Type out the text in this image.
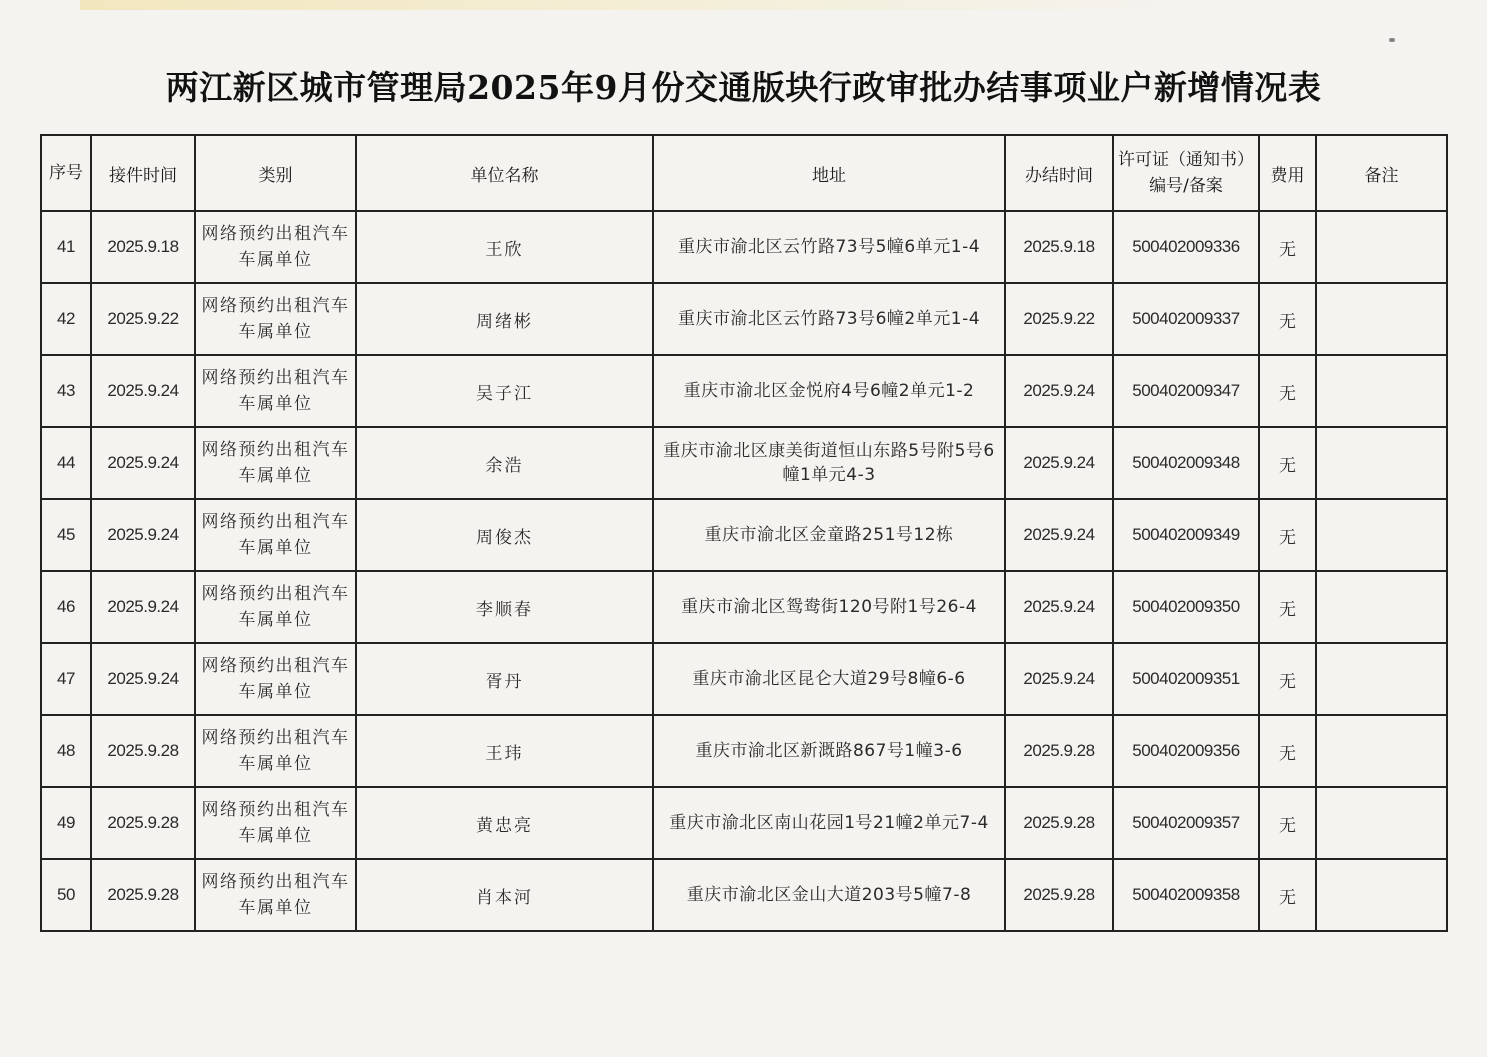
两江新区城市管理局2025年9月份交通版块行政审批办结事项业户新增情况表
序号	接件时间	类别	单位名称	地址	办结时间	许可证（通知书）编号/备案	费用	备注
41	2025.9.18	网络预约出租汽车车属单位	王欣	重庆市渝北区云竹路73号5幢6单元1-4	2025.9.18	500402009336	无	
42	2025.9.22	网络预约出租汽车车属单位	周绪彬	重庆市渝北区云竹路73号6幢2单元1-4	2025.9.22	500402009337	无	
43	2025.9.24	网络预约出租汽车车属单位	吴子江	重庆市渝北区金悦府4号6幢2单元1-2	2025.9.24	500402009347	无	
44	2025.9.24	网络预约出租汽车车属单位	余浩	重庆市渝北区康美街道恒山东路5号附5号6幢1单元4-3	2025.9.24	500402009348	无	
45	2025.9.24	网络预约出租汽车车属单位	周俊杰	重庆市渝北区金童路251号12栋	2025.9.24	500402009349	无	
46	2025.9.24	网络预约出租汽车车属单位	李顺春	重庆市渝北区鸳鸯街120号附1号26-4	2025.9.24	500402009350	无	
47	2025.9.24	网络预约出租汽车车属单位	胥丹	重庆市渝北区昆仑大道29号8幢6-6	2025.9.24	500402009351	无	
48	2025.9.28	网络预约出租汽车车属单位	王玮	重庆市渝北区新溉路867号1幢3-6	2025.9.28	500402009356	无	
49	2025.9.28	网络预约出租汽车车属单位	黄忠亮	重庆市渝北区南山花园1号21幢2单元7-4	2025.9.28	500402009357	无	
50	2025.9.28	网络预约出租汽车车属单位	肖本河	重庆市渝北区金山大道203号5幢7-8	2025.9.28	500402009358	无	
